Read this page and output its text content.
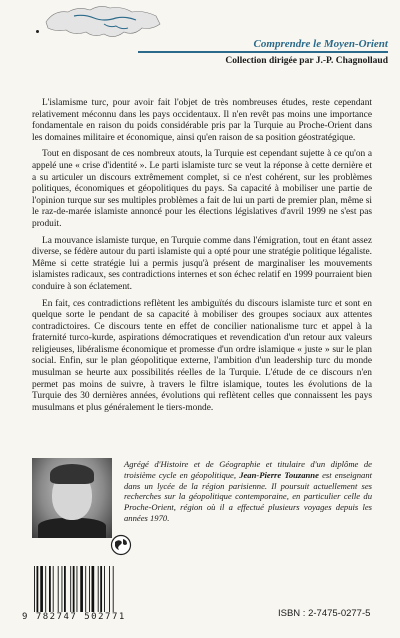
Comprendre le Moyen-Orient
Collection dirigée par J.-P. Chagnollaud

L'islamisme turc, pour avoir fait l'objet de très nombreuses études, reste cependant relativement méconnu dans les pays occidentaux. Il n'en revêt pas moins une importance fondamentale en raison du poids considérable pris par la Turquie au Proche-Orient dans les domaines militaire et économique, ainsi qu'en raison de sa position géostratégique.

Tout en disposant de ces nombreux atouts, la Turquie est cependant sujette à ce qu'on a appelé une « crise d'identité ». Le parti islamiste turc se veut la réponse à cette dernière et a su articuler un discours extrêmement complet, si ce n'est cohérent, sur les problèmes politiques, économiques et géopolitiques du pays. Sa capacité à mobiliser une partie de l'opinion turque sur ses multiples problèmes a fait de lui un parti de premier plan, même si le raz-de-marée islamiste annoncé pour les élections législatives d'avril 1999 ne s'est pas produit.

La mouvance islamiste turque, en Turquie comme dans l'émigration, tout en étant assez diverse, se fédère autour du parti islamiste qui a opté pour une stratégie politique légaliste. Même si cette stratégie lui a permis jusqu'à présent de marginaliser les mouvements islamistes radicaux, ses contradictions internes et son échec relatif en 1999 pourraient bien conduire à son éclatement.

En fait, ces contradictions reflètent les ambiguïtés du discours islamiste turc et sont en quelque sorte le pendant de sa capacité à mobiliser des groupes sociaux aux attentes contradictoires. Ce discours tente en effet de concilier nationalisme turc et appel à la fraternité turco-kurde, aspirations démocratiques et revendication d'un retour aux valeurs religieuses, libéralisme économique et promesse d'un ordre islamique « juste » sur le plan social. Enfin, sur le plan géopolitique externe, l'ambition d'un leadership turc du monde musulman se heurte aux possibilités réelles de la Turquie. L'étude de ce discours n'en permet pas moins de suivre, à travers le filtre islamique, toutes les évolutions de la Turquie des 30 dernières années, évolutions qui reflètent celles que connaissent les pays musulmans et plus généralement le tiers-monde.

Agrégé d'Histoire et de Géographie et titulaire d'un diplôme de troisième cycle en géopolitique, Jean-Pierre Touzanne est enseignant dans un lycée de la région parisienne. Il poursuit actuellement ses recherches sur la géopolitique contemporaine, en particulier celle du Proche-Orient, région où il a effectué plusieurs voyages depuis les années 1970.
9 782747 502771	ISBN : 2-7475-0277-5
